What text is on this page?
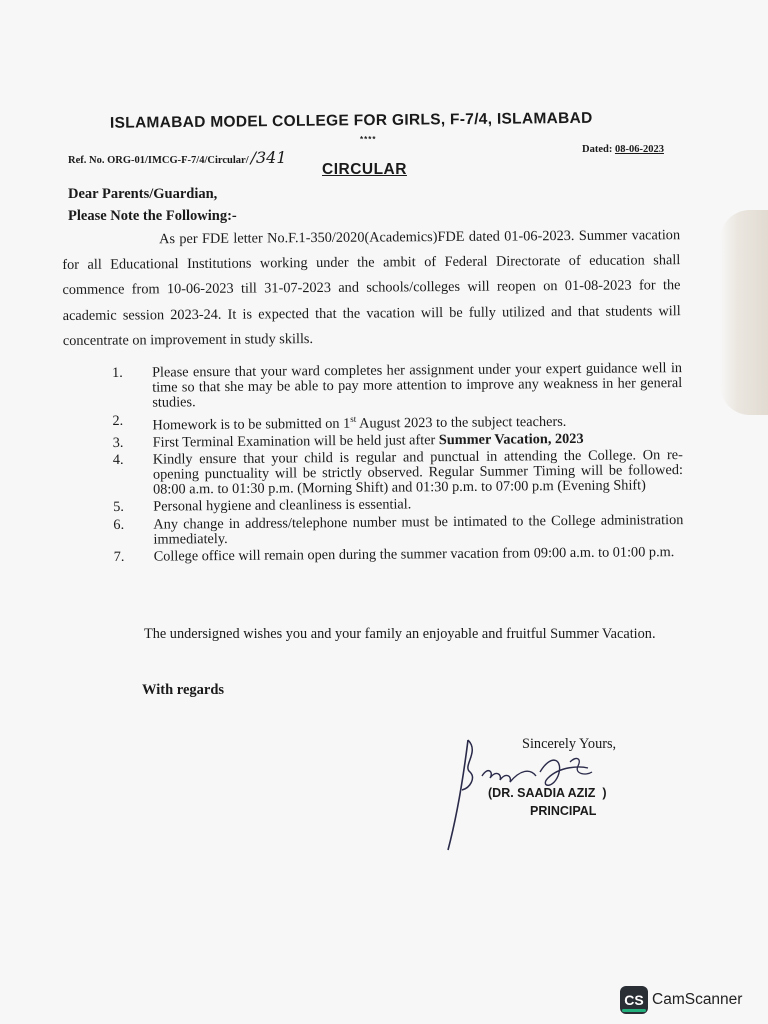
ISLAMABAD MODEL COLLEGE FOR GIRLS, F-7/4, ISLAMABAD
****
Ref. No. ORG-01/IMCG-F-7/4/Circular/ /341	Dated: 08-06-2023
CIRCULAR
Dear Parents/Guardian,
Please Note the Following:-
As per FDE letter No.F.1-350/2020(Academics)FDE dated 01-06-2023. Summer vacation for all Educational Institutions working under the ambit of Federal Directorate of education shall commence from 10-06-2023 till 31-07-2023 and schools/colleges will reopen on 01-08-2023 for the academic session 2023-24. It is expected that the vacation will be fully utilized and that students will concentrate on improvement in study skills.
1. Please ensure that your ward completes her assignment under your expert guidance well in time so that she may be able to pay more attention to improve any weakness in her general studies.
2. Homework is to be submitted on 1st August 2023 to the subject teachers.
3. First Terminal Examination will be held just after Summer Vacation, 2023
4. Kindly ensure that your child is regular and punctual in attending the College. On re-opening punctuality will be strictly observed. Regular Summer Timing will be followed: 08:00 a.m. to 01:30 p.m. (Morning Shift) and 01:30 p.m. to 07:00 p.m (Evening Shift)
5. Personal hygiene and cleanliness is essential.
6. Any change in address/telephone number must be intimated to the College administration immediately.
7. College office will remain open during the summer vacation from 09:00 a.m. to 01:00 p.m.
The undersigned wishes you and your family an enjoyable and fruitful Summer Vacation.
With regards
Sincerely Yours,
(DR. SAADIA AZIZ  )
PRINCIPAL
CS CamScanner
